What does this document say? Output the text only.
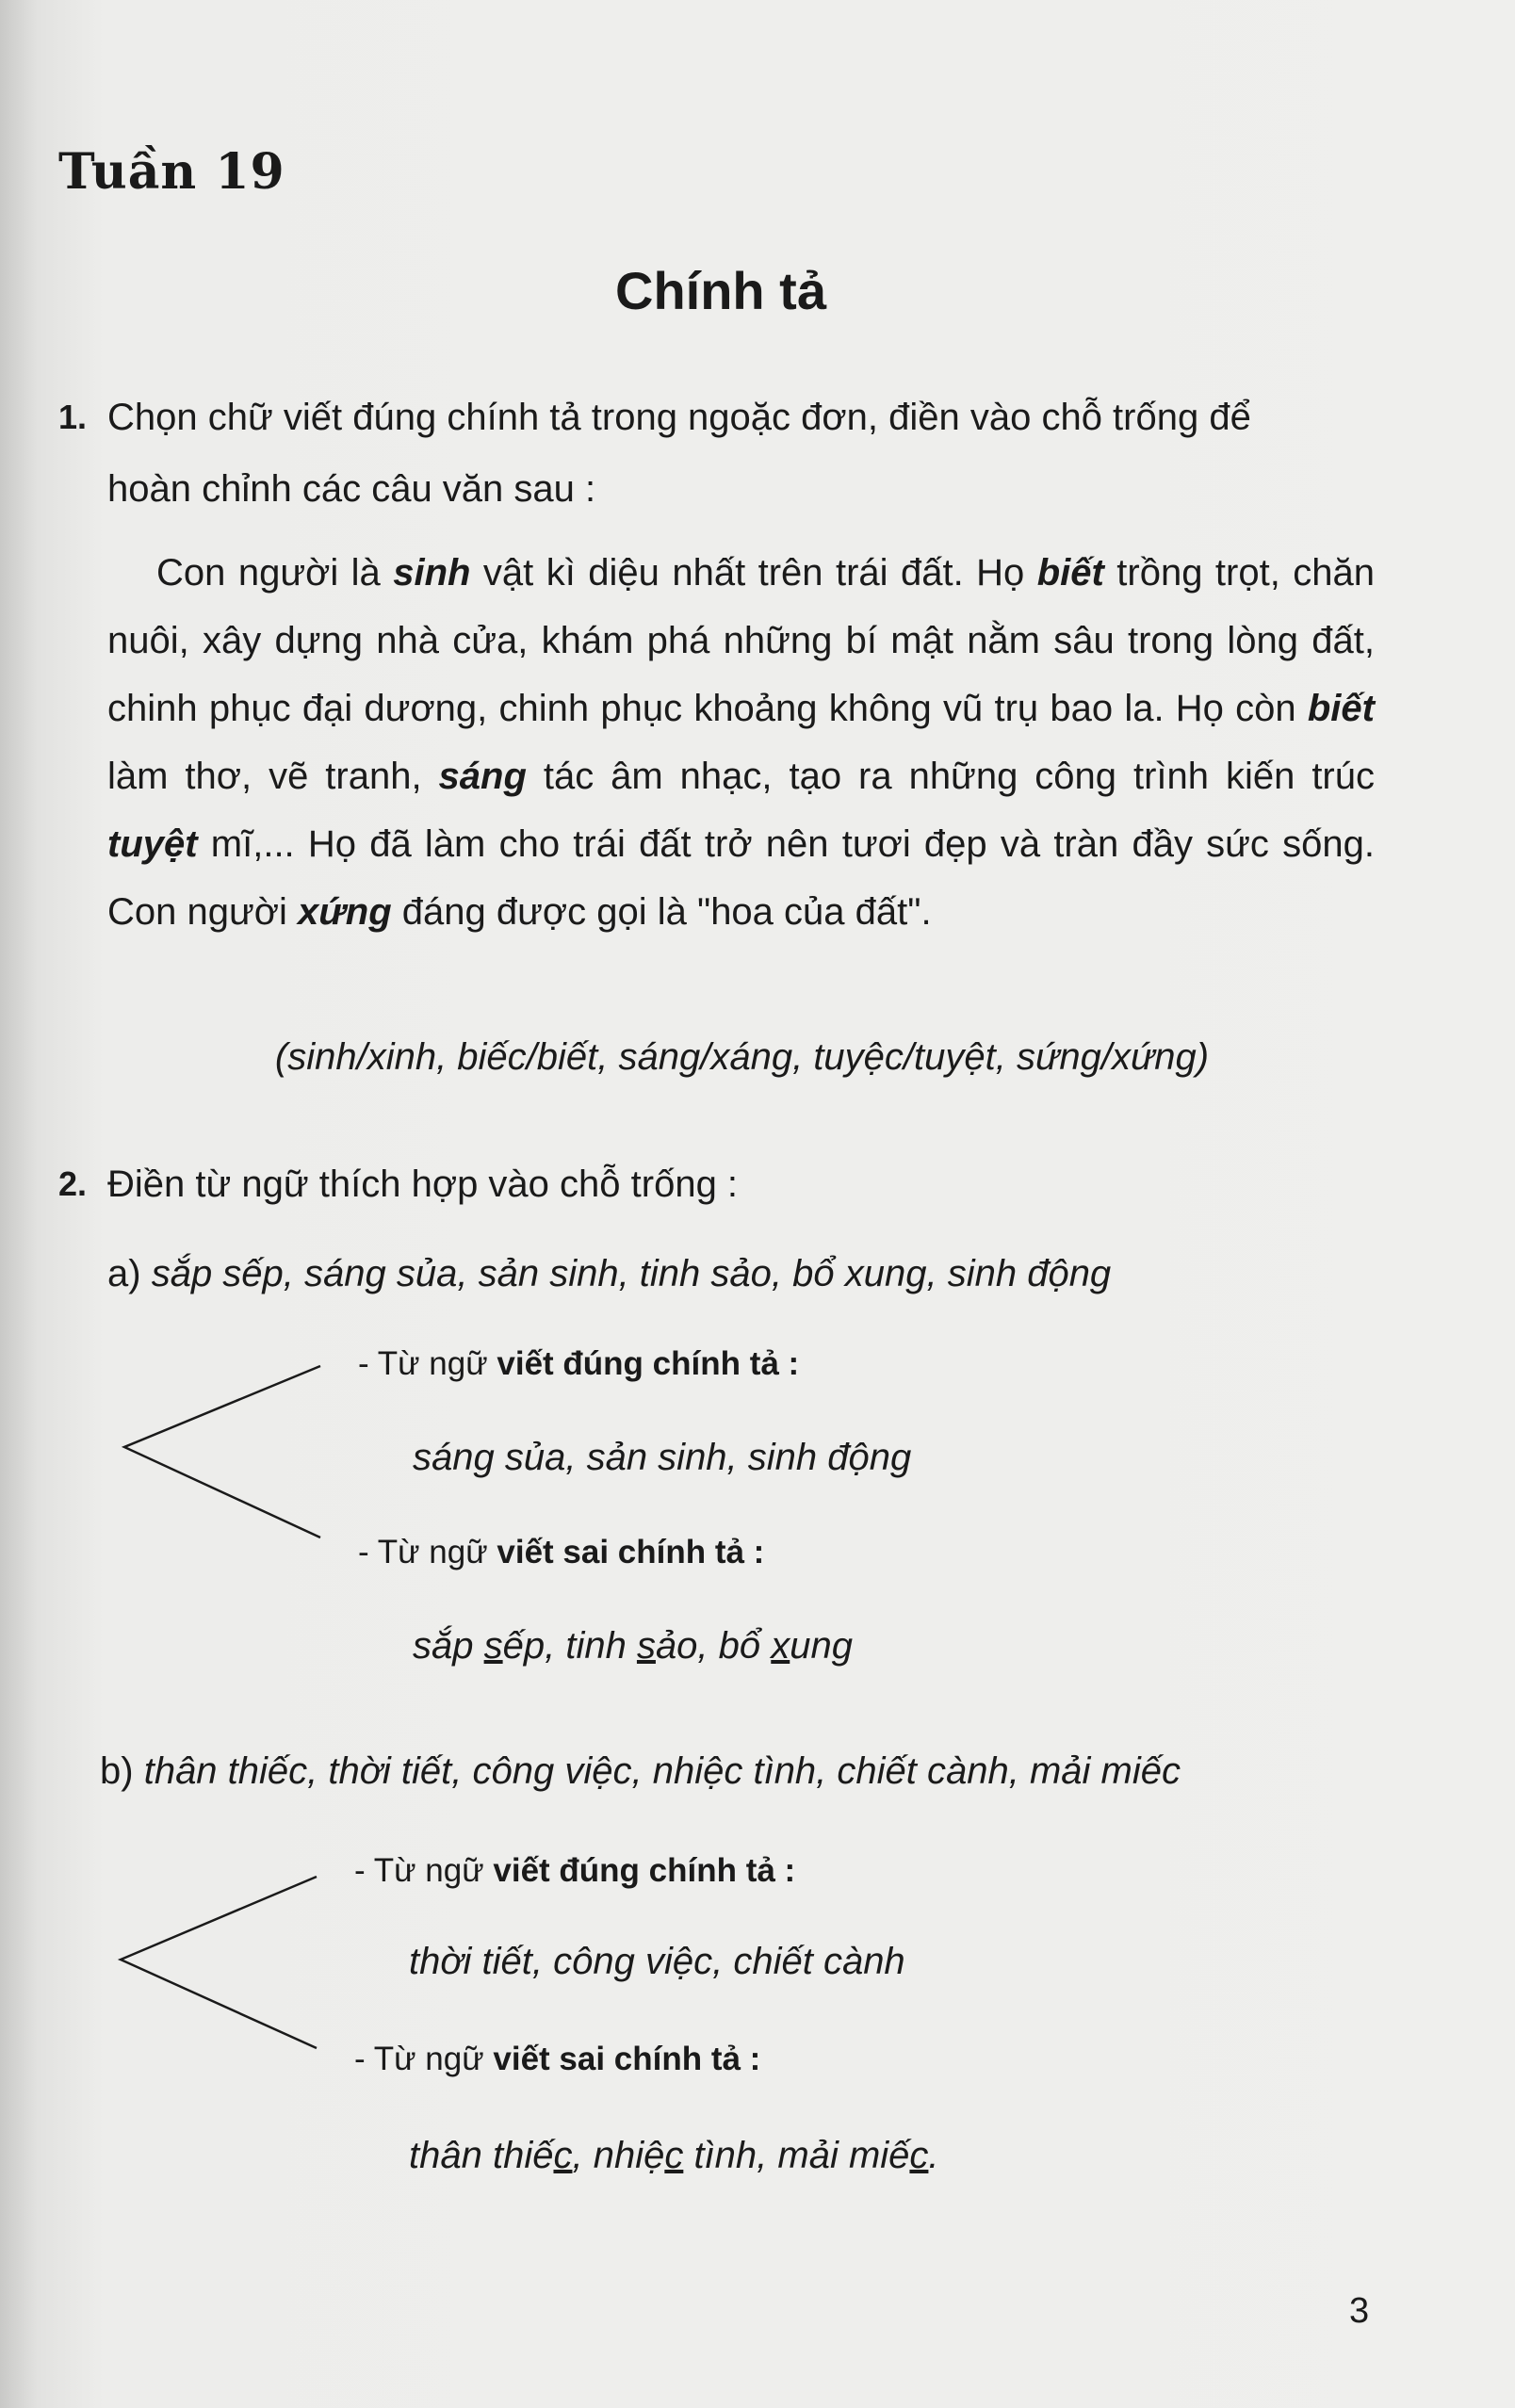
Tuần 19
Chính tả
1. Chọn chữ viết đúng chính tả trong ngoặc đơn, điền vào chỗ trống để
hoàn chỉnh các câu văn sau :
Con người là sinh vật kì diệu nhất trên trái đất. Họ biết trồng trọt, chăn nuôi, xây dựng nhà cửa, khám phá những bí mật nằm sâu trong lòng đất, chinh phục đại dương, chinh phục khoảng không vũ trụ bao la. Họ còn biết làm thơ, vẽ tranh, sáng tác âm nhạc, tạo ra những công trình kiến trúc tuyệt mĩ,... Họ đã làm cho trái đất trở nên tươi đẹp và tràn đầy sức sống. Con người xứng đáng được gọi là "hoa của đất".
(sinh/xinh, biếc/biết, sáng/xáng, tuyệc/tuyệt, sứng/xứng)
2. Điền từ ngữ thích hợp vào chỗ trống :
a) sắp sếp, sáng sủa, sản sinh, tinh sảo, bổ xung, sinh động
- Từ ngữ viết đúng chính tả :
sáng sủa, sản sinh, sinh động
- Từ ngữ viết sai chính tả :
sắp sếp, tinh sảo, bổ xung
b) thân thiếc, thời tiết, công việc, nhiệc tình, chiết cành, mải miếc
- Từ ngữ viết đúng chính tả :
thời tiết, công việc, chiết cành
- Từ ngữ viết sai chính tả :
thân thiếc, nhiệc tình, mải miếc.
3
